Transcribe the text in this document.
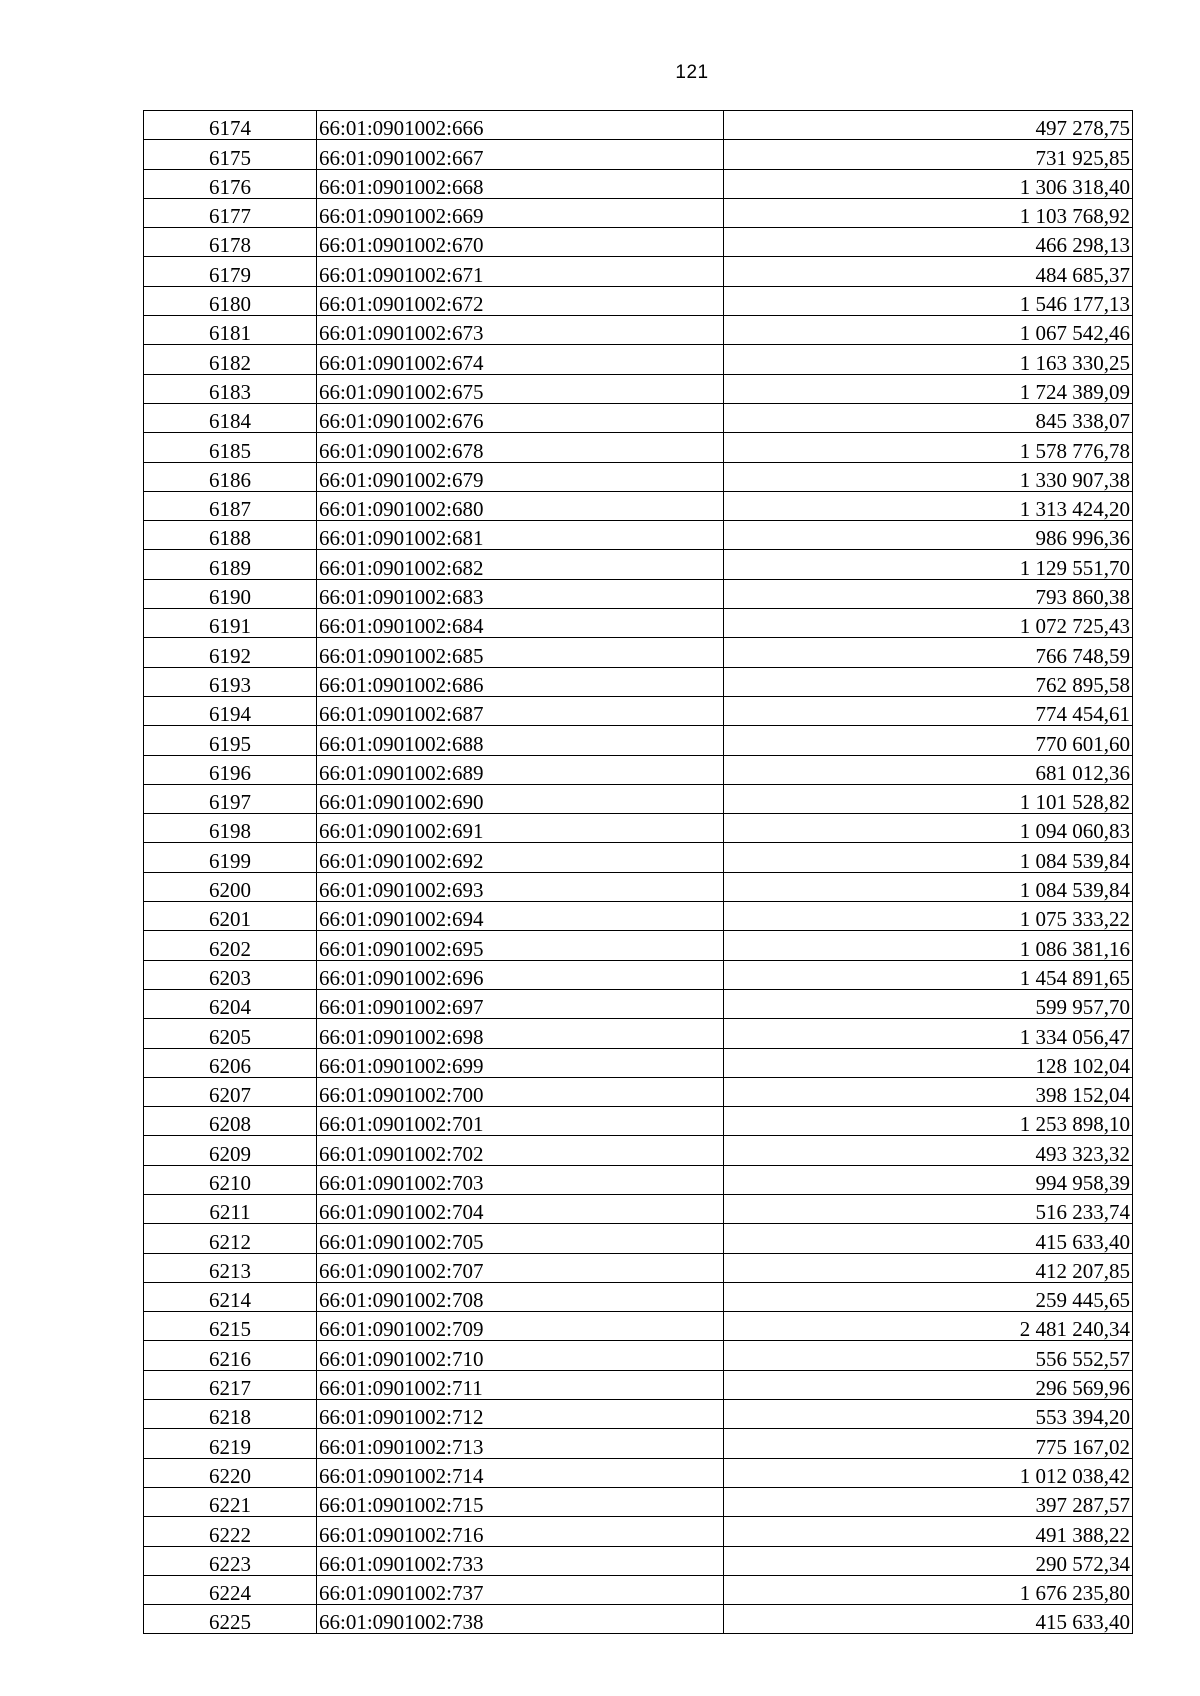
121
6174	66:01:0901002:666	497 278,75
6175	66:01:0901002:667	731 925,85
6176	66:01:0901002:668	1 306 318,40
6177	66:01:0901002:669	1 103 768,92
6178	66:01:0901002:670	466 298,13
6179	66:01:0901002:671	484 685,37
6180	66:01:0901002:672	1 546 177,13
6181	66:01:0901002:673	1 067 542,46
6182	66:01:0901002:674	1 163 330,25
6183	66:01:0901002:675	1 724 389,09
6184	66:01:0901002:676	845 338,07
6185	66:01:0901002:678	1 578 776,78
6186	66:01:0901002:679	1 330 907,38
6187	66:01:0901002:680	1 313 424,20
6188	66:01:0901002:681	986 996,36
6189	66:01:0901002:682	1 129 551,70
6190	66:01:0901002:683	793 860,38
6191	66:01:0901002:684	1 072 725,43
6192	66:01:0901002:685	766 748,59
6193	66:01:0901002:686	762 895,58
6194	66:01:0901002:687	774 454,61
6195	66:01:0901002:688	770 601,60
6196	66:01:0901002:689	681 012,36
6197	66:01:0901002:690	1 101 528,82
6198	66:01:0901002:691	1 094 060,83
6199	66:01:0901002:692	1 084 539,84
6200	66:01:0901002:693	1 084 539,84
6201	66:01:0901002:694	1 075 333,22
6202	66:01:0901002:695	1 086 381,16
6203	66:01:0901002:696	1 454 891,65
6204	66:01:0901002:697	599 957,70
6205	66:01:0901002:698	1 334 056,47
6206	66:01:0901002:699	128 102,04
6207	66:01:0901002:700	398 152,04
6208	66:01:0901002:701	1 253 898,10
6209	66:01:0901002:702	493 323,32
6210	66:01:0901002:703	994 958,39
6211	66:01:0901002:704	516 233,74
6212	66:01:0901002:705	415 633,40
6213	66:01:0901002:707	412 207,85
6214	66:01:0901002:708	259 445,65
6215	66:01:0901002:709	2 481 240,34
6216	66:01:0901002:710	556 552,57
6217	66:01:0901002:711	296 569,96
6218	66:01:0901002:712	553 394,20
6219	66:01:0901002:713	775 167,02
6220	66:01:0901002:714	1 012 038,42
6221	66:01:0901002:715	397 287,57
6222	66:01:0901002:716	491 388,22
6223	66:01:0901002:733	290 572,34
6224	66:01:0901002:737	1 676 235,80
6225	66:01:0901002:738	415 633,40
